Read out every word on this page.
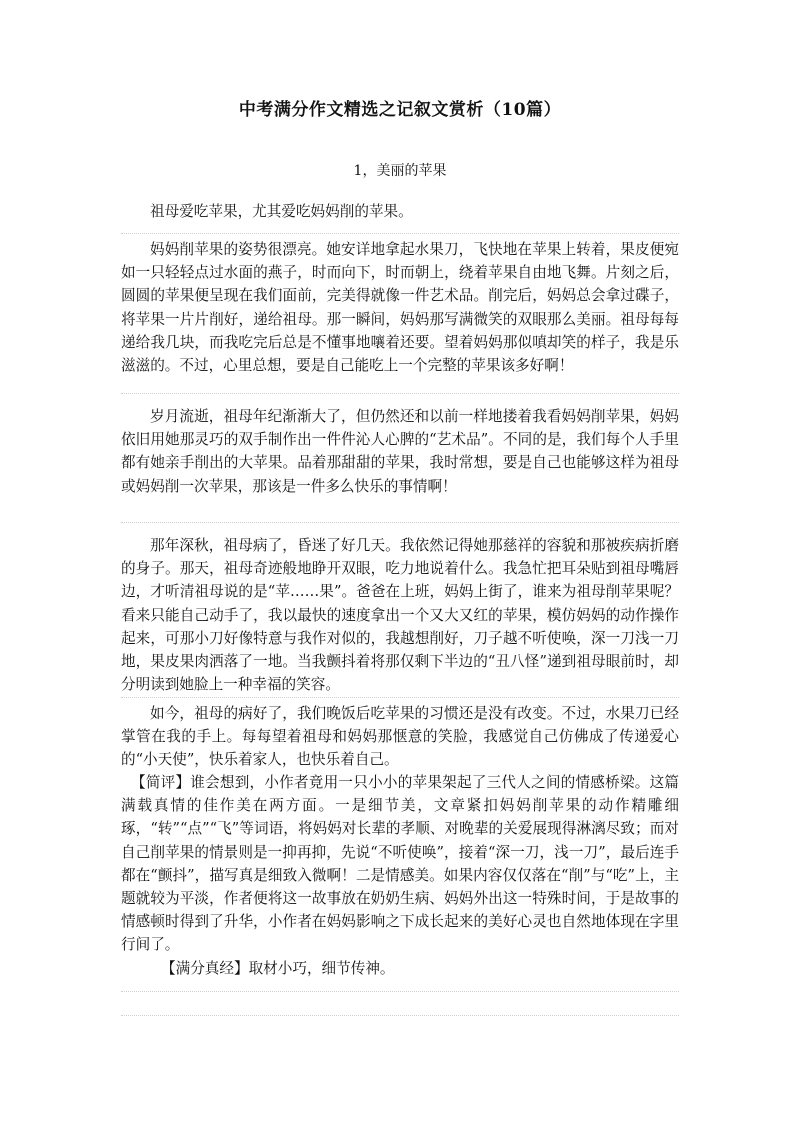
中考满分作文精选之记叙文赏析（10篇）
1，美丽的苹果

祖母爱吃苹果，尤其爱吃妈妈削的苹果。

妈妈削苹果的姿势很漂亮。她安详地拿起水果刀，飞快地在苹果上转着，果皮便宛如一只轻轻点过水面的燕子，时而向下，时而朝上，绕着苹果自由地飞舞。片刻之后，圆圆的苹果便呈现在我们面前，完美得就像一件艺术品。削完后，妈妈总会拿过碟子，将苹果一片片削好，递给祖母。那一瞬间，妈妈那写满微笑的双眼那么美丽。祖母每每递给我几块，而我吃完后总是不懂事地嚷着还要。望着妈妈那似嗔却笑的样子，我是乐滋滋的。不过，心里总想，要是自己能吃上一个完整的苹果该多好啊！

岁月流逝，祖母年纪渐渐大了，但仍然还和以前一样地搂着我看妈妈削苹果，妈妈依旧用她那灵巧的双手制作出一件件沁人心脾的“艺术品”。不同的是，我们每个人手里都有她亲手削出的大苹果。品着那甜甜的苹果，我时常想，要是自己也能够这样为祖母或妈妈削一次苹果，那该是一件多么快乐的事情啊！

那年深秋，祖母病了，昏迷了好几天。我依然记得她那慈祥的容貌和那被疾病折磨的身子。那天，祖母奇迹般地睁开双眼，吃力地说着什么。我急忙把耳朵贴到祖母嘴唇边，才听清祖母说的是“苹……果”。爸爸在上班，妈妈上街了，谁来为祖母削苹果呢？看来只能自己动手了，我以最快的速度拿出一个又大又红的苹果，模仿妈妈的动作操作起来，可那小刀好像特意与我作对似的，我越想削好，刀子越不听使唤，深一刀浅一刀地，果皮果肉洒落了一地。当我颤抖着将那仅剩下半边的“丑八怪”递到祖母眼前时，却分明读到她脸上一种幸福的笑容。

如今，祖母的病好了，我们晚饭后吃苹果的习惯还是没有改变。不过，水果刀已经掌管在我的手上。每每望着祖母和妈妈那惬意的笑脸，我感觉自己仿佛成了传递爱心的“小天使”，快乐着家人，也快乐着自己。

【简评】谁会想到，小作者竟用一只小小的苹果架起了三代人之间的情感桥梁。这篇满载真情的佳作美在两方面。一是细节美，文章紧扣妈妈削苹果的动作精雕细琢，“转”“点”“飞”等词语，将妈妈对长辈的孝顺、对晚辈的关爱展现得淋漓尽致；而对自己削苹果的情景则是一抑再抑，先说“不听使唤”，接着“深一刀，浅一刀”，最后连手都在“颤抖”，描写真是细致入微啊！二是情感美。如果内容仅仅落在“削”与“吃”上，主题就较为平淡，作者便将这一故事放在奶奶生病、妈妈外出这一特殊时间，于是故事的情感顿时得到了升华，小作者在妈妈影响之下成长起来的美好心灵也自然地体现在字里行间了。

【满分真经】取材小巧，细节传神。
